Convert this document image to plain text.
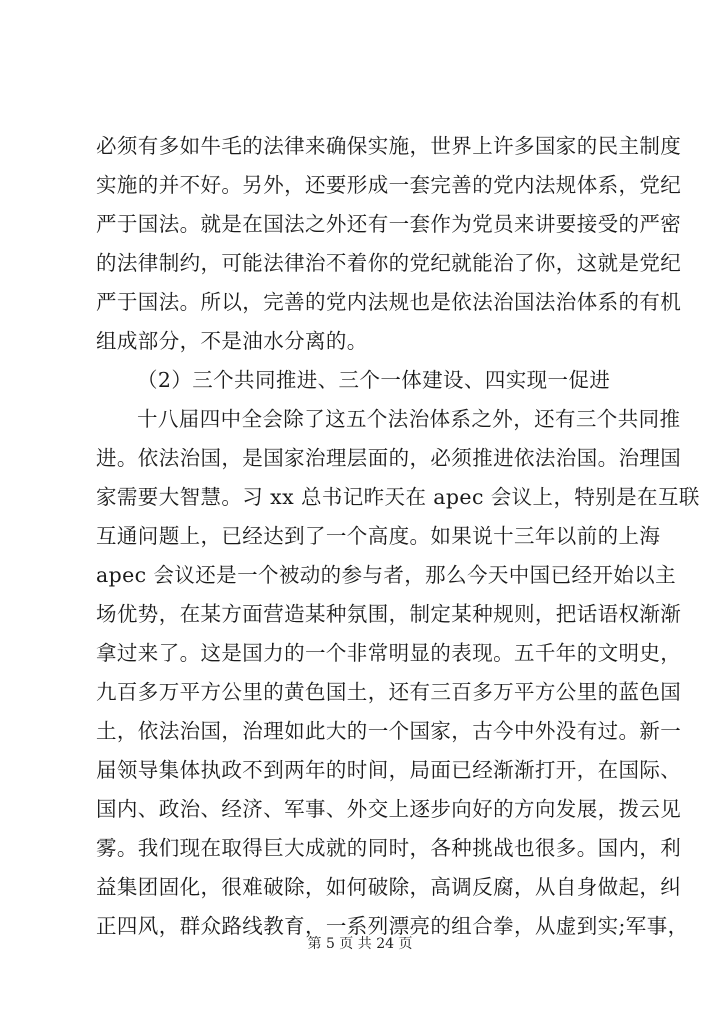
必须有多如牛毛的法律来确保实施，世界上许多国家的民主制度
实施的并不好。另外，还要形成一套完善的党内法规体系，党纪
严于国法。就是在国法之外还有一套作为党员来讲要接受的严密
的法律制约，可能法律治不着你的党纪就能治了你，这就是党纪
严于国法。所以，完善的党内法规也是依法治国法治体系的有机
组成部分，不是油水分离的。
（2）三个共同推进、三个一体建设、四实现一促进
十八届四中全会除了这五个法治体系之外，还有三个共同推
进。依法治国，是国家治理层面的，必须推进依法治国。治理国
家需要大智慧。习 xx 总书记昨天在 apec 会议上，特别是在互联
互通问题上，已经达到了一个高度。如果说十三年以前的上海
apec 会议还是一个被动的参与者，那么今天中国已经开始以主
场优势，在某方面营造某种氛围，制定某种规则，把话语权渐渐
拿过来了。这是国力的一个非常明显的表现。五千年的文明史，
九百多万平方公里的黄色国土，还有三百多万平方公里的蓝色国
土，依法治国，治理如此大的一个国家，古今中外没有过。新一
届领导集体执政不到两年的时间，局面已经渐渐打开，在国际、
国内、政治、经济、军事、外交上逐步向好的方向发展，拨云见
雾。我们现在取得巨大成就的同时，各种挑战也很多。国内，利
益集团固化，很难破除，如何破除，高调反腐，从自身做起，纠
正四风，群众路线教育，一系列漂亮的组合拳，从虚到实;军事，
第 5 页 共 24 页
